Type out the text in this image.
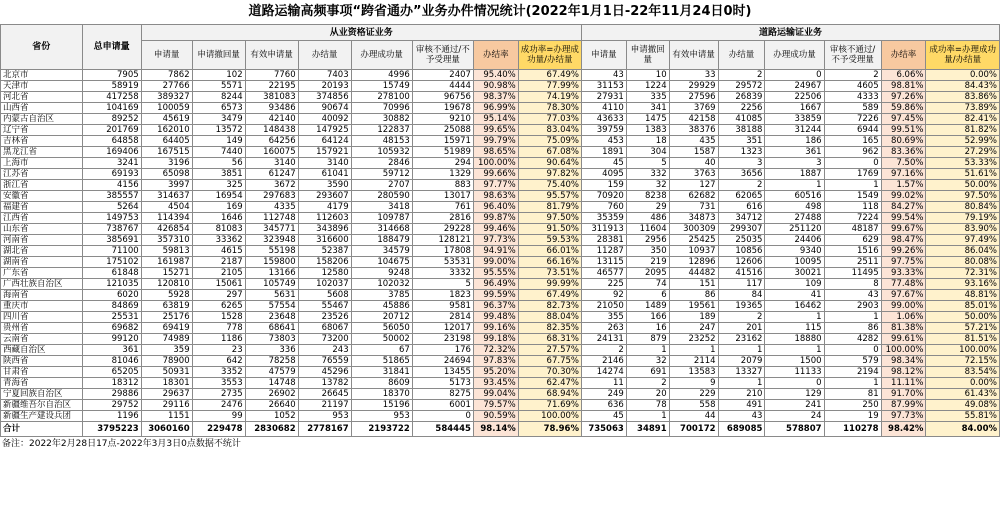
道路运输高频事项“跨省通办”业务办件情况统计(2022年1月1日-22年11月24日0时)
省份	总申请量	从业资格证业务								道路运输证业务							
		申请量	申请撤回量	有效申请量	办结量	办理成功量	审核不通过/不予受理量	办结率	成功率=办理成功量/办结量	申请量	申请撤回量	有效申请量	办结量	办理成功量	审核不通过/不予受理量	办结率	成功率=办理成功量/办结量
北京市	7905	7862	102	7760	7403	4996	2407	95.40%	67.49%	43	10	33	2	0	2	6.06%	0.00%
天津市	58919	27766	5571	22195	20193	15749	4444	90.98%	77.99%	31153	1224	29929	29572	24967	4605	98.81%	84.43%
河北省	417258	389327	8244	381083	374856	278100	96756	98.37%	74.19%	27931	335	27596	26839	22506	4333	97.26%	83.86%
山西省	104169	100059	6573	93486	90674	70996	19678	96.99%	78.30%	4110	341	3769	2256	1667	589	59.86%	73.89%
内蒙古自治区	89252	45619	3479	42140	40092	30882	9210	95.14%	77.03%	43633	1475	42158	41085	33859	7226	97.45%	82.41%
辽宁省	201769	162010	13572	148438	147925	122837	25088	99.65%	83.04%	39759	1383	38376	38188	31244	6944	99.51%	81.82%
吉林省	64858	64405	149	64256	64124	48153	15971	99.79%	75.09%	453	18	435	351	186	165	80.69%	52.99%
黑龙江省	169406	167515	7440	160075	157921	105932	51989	98.65%	67.08%	1891	304	1587	1323	361	962	83.36%	27.29%
上海市	3241	3196	56	3140	3140	2846	294	100.00%	90.64%	45	5	40	3	3	0	7.50%	53.33%
江苏省	69193	65098	3851	61247	61041	59712	1329	99.66%	97.82%	4095	332	3763	3656	1887	1769	97.16%	51.61%
浙江省	4156	3997	325	3672	3590	2707	883	97.77%	75.40%	159	32	127	2	1	1	1.57%	50.00%
安徽省	385557	314637	16954	297683	293607	280590	13017	98.63%	95.57%	70920	8238	62682	62065	60516	1549	99.02%	97.50%
福建省	5264	4504	169	4335	4179	3418	761	96.40%	81.79%	760	29	731	616	498	118	84.27%	80.84%
江西省	149753	114394	1646	112748	112603	109787	2816	99.87%	97.50%	35359	486	34873	34712	27488	7224	99.54%	79.19%
山东省	738767	426854	81083	345771	343896	314668	29228	99.46%	91.50%	311913	11604	300309	299307	251120	48187	99.67%	83.90%
河南省	385691	357310	33362	323948	316600	188479	128121	97.73%	59.53%	28381	2956	25425	25035	24406	629	98.47%	97.49%
湖北省	71100	59813	4615	55198	52387	34579	17808	94.91%	66.01%	11287	350	10937	10856	9340	1516	99.26%	86.04%
湖南省	175102	161987	2187	159800	158206	104675	53531	99.00%	66.16%	13115	219	12896	12606	10095	2511	97.75%	80.08%
广东省	61848	15271	2105	13166	12580	9248	3332	95.55%	73.51%	46577	2095	44482	41516	30021	11495	93.33%	72.31%
广西壮族自治区	121035	120810	15061	105749	102037	102032	5	96.49%	99.99%	225	74	151	117	109	8	77.48%	93.16%
海南省	6020	5928	297	5631	5608	3785	1823	99.59%	67.49%	92	6	86	84	41	43	97.67%	48.81%
重庆市	84869	63819	6265	57554	55467	45886	9581	96.37%	82.73%	21050	1489	19561	19365	16462	2903	99.00%	85.01%
四川省	25531	25176	1528	23648	23526	20712	2814	99.48%	88.04%	355	166	189	2	1	1	1.06%	50.00%
贵州省	69682	69419	778	68641	68067	56050	12017	99.16%	82.35%	263	16	247	201	115	86	81.38%	57.21%
云南省	99120	74989	1186	73803	73200	50002	23198	99.18%	68.31%	24131	879	23252	23162	18880	4282	99.61%	81.51%
西藏自治区	361	359	23	336	243	67	176	72.32%	27.57%	2	1	1	1	1	0	100.00%	100.00%
陕西省	81046	78900	642	78258	76559	51865	24694	97.83%	67.75%	2146	32	2114	2079	1500	579	98.34%	72.15%
甘肃省	65205	50931	3352	47579	45296	31841	13455	95.20%	70.30%	14274	691	13583	13327	11133	2194	98.12%	83.54%
青海省	18312	18301	3553	14748	13782	8609	5173	93.45%	62.47%	11	2	9	1	0	1	11.11%	0.00%
宁夏回族自治区	29886	29637	2735	26902	26645	18370	8275	99.04%	68.94%	249	20	229	210	129	81	91.70%	61.43%
新疆维吾尔自治区	29752	29116	2476	26640	21197	15196	6001	79.57%	71.69%	636	78	558	491	241	250	87.99%	49.08%
新疆生产建设兵团	1196	1151	99	1052	953	953	0	90.59%	100.00%	45	1	44	43	24	19	97.73%	55.81%
合计	3795223	3060160	229478	2830682	2778167	2193722	584445	98.14%	78.96%	735063	34891	700172	689085	578807	110278	98.42%	84.00%
备注：2022年2月28日17点-2022年3月3日0点数据不统计
